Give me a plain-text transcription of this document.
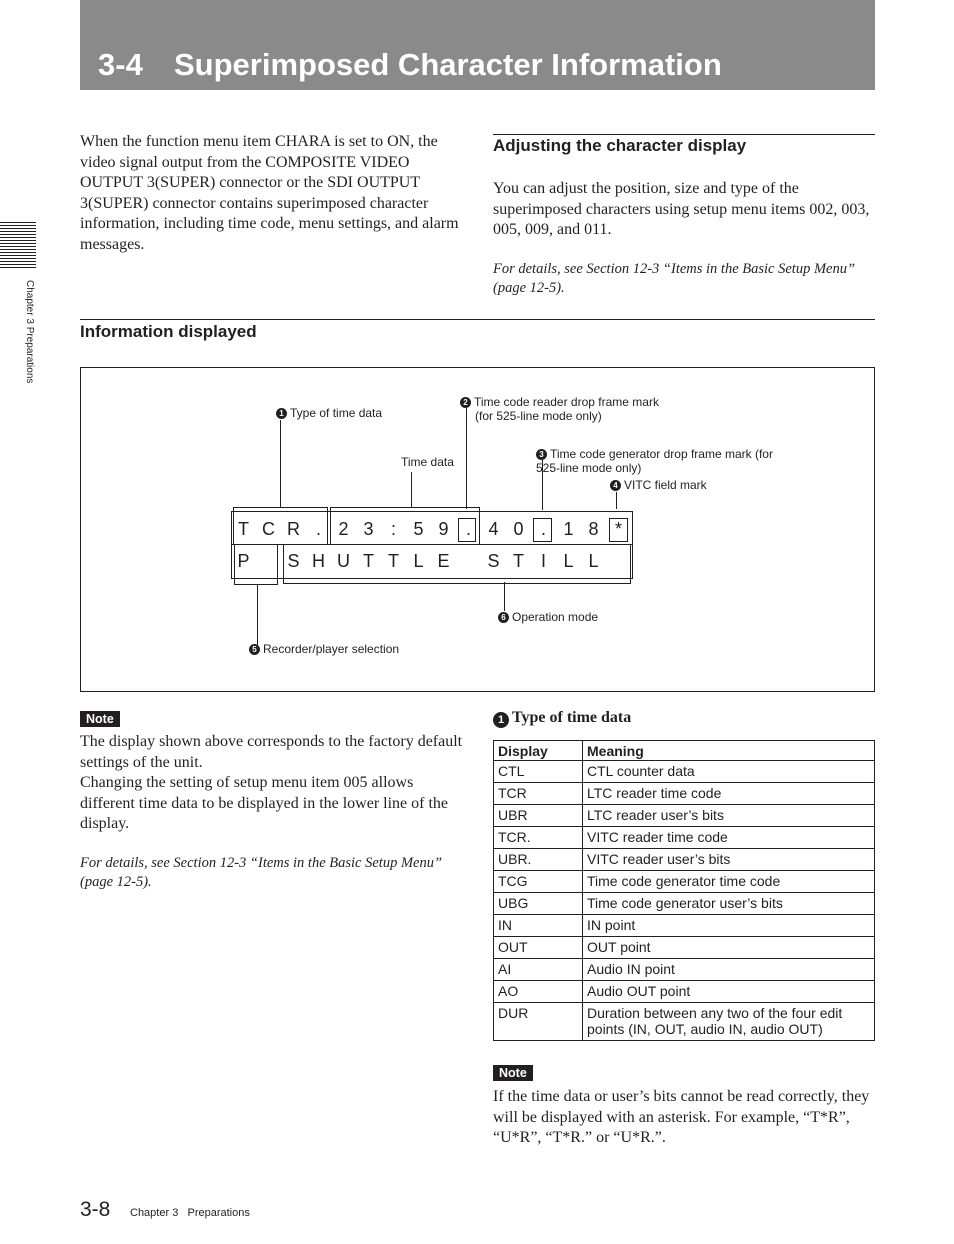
3-4 Superimposed Character Information
Chapter 3 Preparations
When the function menu item CHARA is set to ON, the video signal output from the COMPOSITE VIDEO OUTPUT 3(SUPER) connector or the SDI OUTPUT 3(SUPER) connector contains superimposed character information, including time code, menu settings, and alarm messages.
Adjusting the character display
You can adjust the position, size and type of the superimposed characters using setup menu items 002, 003, 005, 009, and 011.
For details, see Section 12-3 “Items in the Basic Setup Menu” (page 12-5).
Information displayed
1 Type of time data
2 Time code reader drop frame mark
(for 525-line mode only)
Time data
3 Time code generator drop frame mark (for
525-line mode only)
4 VITC field mark
6 Operation mode
5 Recorder/player selection
T C R . 2 3 : 5 9 . 4 0 . 1 8 *
P	S H U T T L E	S T I L L
Note
The display shown above corresponds to the factory default settings of the unit.
Changing the setting of setup menu item 005 allows different time data to be displayed in the lower line of the display.
For details, see Section 12-3 “Items in the Basic Setup Menu” (page 12-5).
1 Type of time data
Display	Meaning
CTL	CTL counter data
TCR	LTC reader time code
UBR	LTC reader user’s bits
TCR.	VITC reader time code
UBR.	VITC reader user’s bits
TCG	Time code generator time code
UBG	Time code generator user’s bits
IN	IN point
OUT	OUT point
AI	Audio IN point
AO	Audio OUT point
DUR	Duration between any two of the four edit points (IN, OUT, audio IN, audio OUT)
Note
If the time data or user’s bits cannot be read correctly, they will be displayed with an asterisk. For example, “T*R”, “U*R”, “T*R.” or “U*R.”.
3-8 Chapter 3   Preparations
